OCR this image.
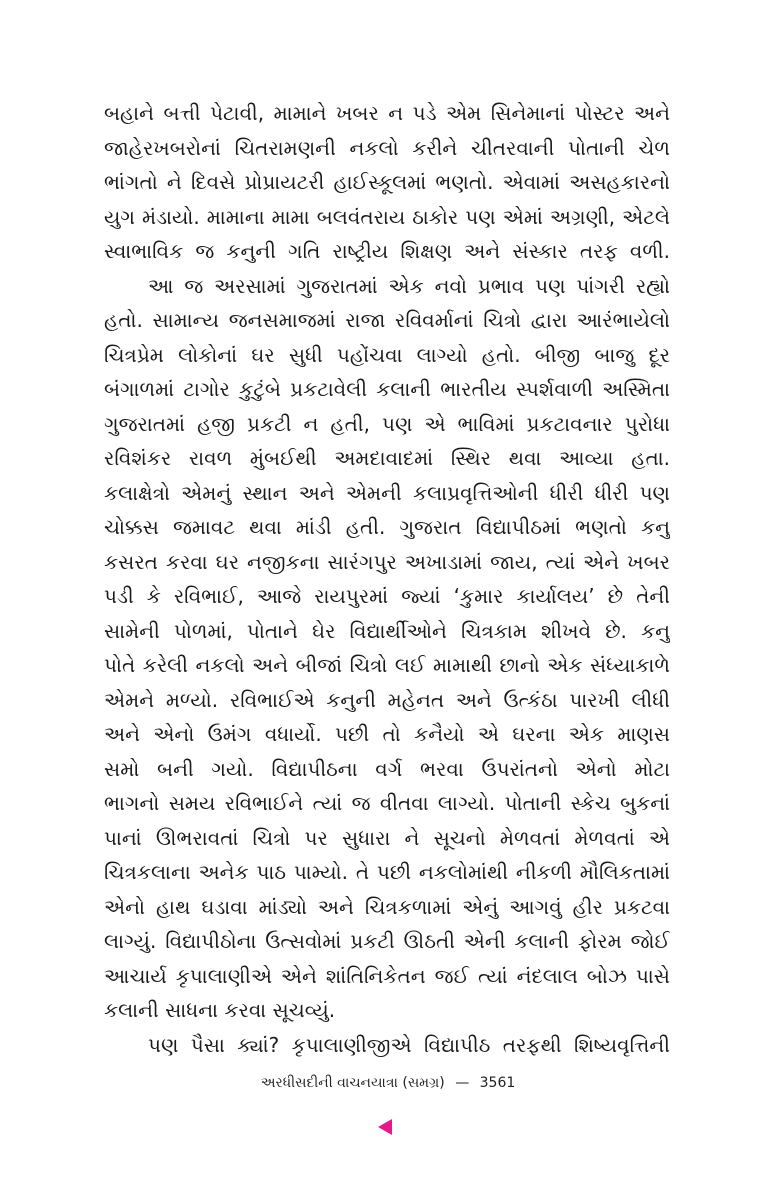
બહાને બત્તી પેટાવી, મામાને ખબર ન પડે એમ સિનેમાનાં પોસ્ટર અને
જાહેરખબરોનાં ચિતરામણની નકલો કરીને ચીતરવાની પોતાની ચેળ
ભાંગતો ને દિવસે પ્રોપ્રાયટરી હાઈસ્કૂલમાં ભણતો. એવામાં અસહકારનો
યુગ મંડાયો. મામાના મામા બલવંતરાય ઠાકોર પણ એમાં અગ્રણી, એટલે
સ્વાભાવિક જ કનુની ગતિ રાષ્ટ્રીય શિક્ષણ અને સંસ્કાર તરફ વળી.
આ જ અરસામાં ગુજરાતમાં એક નવો પ્રભાવ પણ પાંગરી રહ્યો
હતો. સામાન્ય જનસમાજમાં રાજા રવિવર્માનાં ચિત્રો દ્વારા આરંભાયેલો
ચિત્રપ્રેમ લોકોનાં ઘર સુધી પહોંચવા લાગ્યો હતો. બીજી બાજુ દૂર
બંગાળમાં ટાગોર કુટુંબે પ્રકટાવેલી કલાની ભારતીય સ્પર્શવાળી અસ્મિતા
ગુજરાતમાં હજી પ્રકટી ન હતી, પણ એ ભાવિમાં પ્રકટાવનાર પુરોધા
રવિશંકર રાવળ મુંબઈથી અમદાવાદમાં સ્થિર થવા આવ્યા હતા.
કલાક્ષેત્રો એમનું સ્થાન અને એમની કલાપ્રવૃત્તિઓની ધીરી ધીરી પણ
ચોક્કસ જમાવટ થવા માંડી હતી. ગુજરાત વિદ્યાપીઠમાં ભણતો કનુ
કસરત કરવા ઘર નજીકના સારંગપુર અખાડામાં જાય, ત્યાં એને ખબર
પડી કે રવિભાઈ, આજે રાયપુરમાં જ્યાં ‘કુમાર કાર્યાલય’ છે તેની
સામેની પોળમાં, પોતાને ઘેર વિદ્યાર્થીઓને ચિત્રકામ શીખવે છે. કનુ
પોતે કરેલી નકલો અને બીજાં ચિત્રો લઈ મામાથી છાનો એક સંધ્યાકાળે
એમને મળ્યો. રવિભાઈએ કનુની મહેનત અને ઉત્કંઠા પારખી લીધી
અને એનો ઉમંગ વધાર્યો. પછી તો કનૈયો એ ઘરના એક માણસ
સમો બની ગયો. વિદ્યાપીઠના વર્ગ ભરવા ઉપરાંતનો એનો મોટા
ભાગનો સમય રવિભાઈને ત્યાં જ વીતવા લાગ્યો. પોતાની સ્કેચ બુકનાં
પાનાં ઊભરાવતાં ચિત્રો પર સુધારા ને સૂચનો મેળવતાં મેળવતાં એ
ચિત્રકલાના અનેક પાઠ પામ્યો. તે પછી નકલોમાંથી નીકળી મૌલિકતામાં
એનો હાથ ઘડાવા માંડ્યો અને ચિત્રકળામાં એનું આગવું હીર પ્રકટવા
લાગ્યું. વિદ્યાપીઠોના ઉત્સવોમાં પ્રકટી ઊઠતી એની કલાની ફોરમ જોઈ
આચાર્ય કૃપાલાણીએ એને શાંતિનિકેતન જઈ ત્યાં નંદલાલ બોઝ પાસે
કલાની સાધના કરવા સૂચવ્યું.
પણ પૈસા ક્યાં? કૃપાલાણીજીએ વિદ્યાપીઠ તરફથી શિષ્યવૃત્તિની
અરધીસદીની વાચનયાત્રા (સમગ્ર) — 3561
